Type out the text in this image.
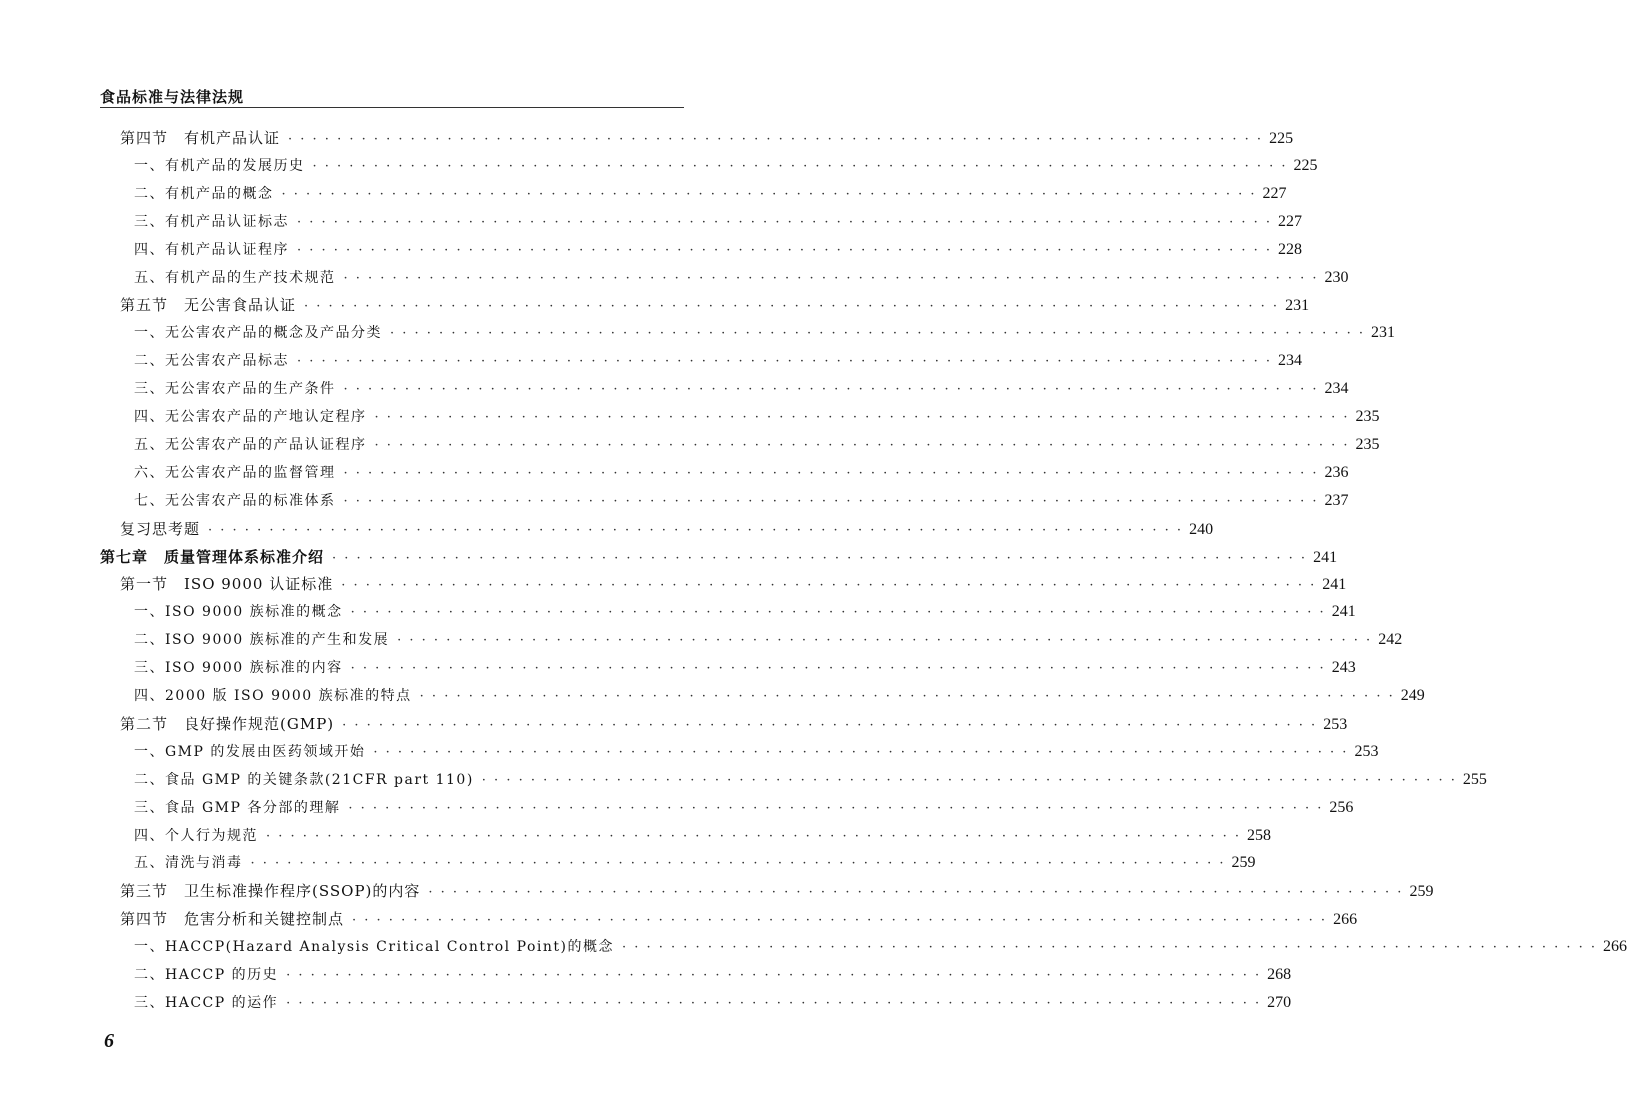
食品标准与法律法规
第四节　有机产品认证 · · · · · · · · · · · · · · · · · · · · · · · · · · · · · · · · · · · · · · · · · · · · · · · · · · · · · · · · · · · · · · · · · · · · · · · · · · · · · · · · 225
一、有机产品的发展历史 · · · · · · · · · · · · · · · · · · · · · · · · · · · · · · · · · · · · · · · · · · · · · · · · · · · · · · · · · · · · · · · · · · · · · · · · · · · · · · · · 225
二、有机产品的概念 · · · · · · · · · · · · · · · · · · · · · · · · · · · · · · · · · · · · · · · · · · · · · · · · · · · · · · · · · · · · · · · · · · · · · · · · · · · · · · · · 227
三、有机产品认证标志 · · · · · · · · · · · · · · · · · · · · · · · · · · · · · · · · · · · · · · · · · · · · · · · · · · · · · · · · · · · · · · · · · · · · · · · · · · · · · · · · 227
四、有机产品认证程序 · · · · · · · · · · · · · · · · · · · · · · · · · · · · · · · · · · · · · · · · · · · · · · · · · · · · · · · · · · · · · · · · · · · · · · · · · · · · · · · · 228
五、有机产品的生产技术规范 · · · · · · · · · · · · · · · · · · · · · · · · · · · · · · · · · · · · · · · · · · · · · · · · · · · · · · · · · · · · · · · · · · · · · · · · · · · · · · · · 230
第五节　无公害食品认证 · · · · · · · · · · · · · · · · · · · · · · · · · · · · · · · · · · · · · · · · · · · · · · · · · · · · · · · · · · · · · · · · · · · · · · · · · · · · · · · · 231
一、无公害农产品的概念及产品分类 · · · · · · · · · · · · · · · · · · · · · · · · · · · · · · · · · · · · · · · · · · · · · · · · · · · · · · · · · · · · · · · · · · · · · · · · · · · · · · · · 231
二、无公害农产品标志 · · · · · · · · · · · · · · · · · · · · · · · · · · · · · · · · · · · · · · · · · · · · · · · · · · · · · · · · · · · · · · · · · · · · · · · · · · · · · · · · 234
三、无公害农产品的生产条件 · · · · · · · · · · · · · · · · · · · · · · · · · · · · · · · · · · · · · · · · · · · · · · · · · · · · · · · · · · · · · · · · · · · · · · · · · · · · · · · · 234
四、无公害农产品的产地认定程序 · · · · · · · · · · · · · · · · · · · · · · · · · · · · · · · · · · · · · · · · · · · · · · · · · · · · · · · · · · · · · · · · · · · · · · · · · · · · · · · · 235
五、无公害农产品的产品认证程序 · · · · · · · · · · · · · · · · · · · · · · · · · · · · · · · · · · · · · · · · · · · · · · · · · · · · · · · · · · · · · · · · · · · · · · · · · · · · · · · · 235
六、无公害农产品的监督管理 · · · · · · · · · · · · · · · · · · · · · · · · · · · · · · · · · · · · · · · · · · · · · · · · · · · · · · · · · · · · · · · · · · · · · · · · · · · · · · · · 236
七、无公害农产品的标准体系 · · · · · · · · · · · · · · · · · · · · · · · · · · · · · · · · · · · · · · · · · · · · · · · · · · · · · · · · · · · · · · · · · · · · · · · · · · · · · · · · 237
复习思考题 · · · · · · · · · · · · · · · · · · · · · · · · · · · · · · · · · · · · · · · · · · · · · · · · · · · · · · · · · · · · · · · · · · · · · · · · · · · · · · · · 240
第七章　质量管理体系标准介绍 · · · · · · · · · · · · · · · · · · · · · · · · · · · · · · · · · · · · · · · · · · · · · · · · · · · · · · · · · · · · · · · · · · · · · · · · · · · · · · · · 241
第一节　ISO 9000 认证标准 · · · · · · · · · · · · · · · · · · · · · · · · · · · · · · · · · · · · · · · · · · · · · · · · · · · · · · · · · · · · · · · · · · · · · · · · · · · · · · · · 241
一、ISO 9000 族标准的概念 · · · · · · · · · · · · · · · · · · · · · · · · · · · · · · · · · · · · · · · · · · · · · · · · · · · · · · · · · · · · · · · · · · · · · · · · · · · · · · · · 241
二、ISO 9000 族标准的产生和发展 · · · · · · · · · · · · · · · · · · · · · · · · · · · · · · · · · · · · · · · · · · · · · · · · · · · · · · · · · · · · · · · · · · · · · · · · · · · · · · · · 242
三、ISO 9000 族标准的内容 · · · · · · · · · · · · · · · · · · · · · · · · · · · · · · · · · · · · · · · · · · · · · · · · · · · · · · · · · · · · · · · · · · · · · · · · · · · · · · · · 243
四、2000 版 ISO 9000 族标准的特点 · · · · · · · · · · · · · · · · · · · · · · · · · · · · · · · · · · · · · · · · · · · · · · · · · · · · · · · · · · · · · · · · · · · · · · · · · · · · · · · · 249
第二节　良好操作规范(GMP) · · · · · · · · · · · · · · · · · · · · · · · · · · · · · · · · · · · · · · · · · · · · · · · · · · · · · · · · · · · · · · · · · · · · · · · · · · · · · · · · 253
一、GMP 的发展由医药领域开始 · · · · · · · · · · · · · · · · · · · · · · · · · · · · · · · · · · · · · · · · · · · · · · · · · · · · · · · · · · · · · · · · · · · · · · · · · · · · · · · · 253
二、食品 GMP 的关键条款(21CFR part 110) · · · · · · · · · · · · · · · · · · · · · · · · · · · · · · · · · · · · · · · · · · · · · · · · · · · · · · · · · · · · · · · · · · · · · · · · · · · · · · · · 255
三、食品 GMP 各分部的理解 · · · · · · · · · · · · · · · · · · · · · · · · · · · · · · · · · · · · · · · · · · · · · · · · · · · · · · · · · · · · · · · · · · · · · · · · · · · · · · · · 256
四、个人行为规范 · · · · · · · · · · · · · · · · · · · · · · · · · · · · · · · · · · · · · · · · · · · · · · · · · · · · · · · · · · · · · · · · · · · · · · · · · · · · · · · · 258
五、清洗与消毒 · · · · · · · · · · · · · · · · · · · · · · · · · · · · · · · · · · · · · · · · · · · · · · · · · · · · · · · · · · · · · · · · · · · · · · · · · · · · · · · · 259
第三节　卫生标准操作程序(SSOP)的内容 · · · · · · · · · · · · · · · · · · · · · · · · · · · · · · · · · · · · · · · · · · · · · · · · · · · · · · · · · · · · · · · · · · · · · · · · · · · · · · · · 259
第四节　危害分析和关键控制点 · · · · · · · · · · · · · · · · · · · · · · · · · · · · · · · · · · · · · · · · · · · · · · · · · · · · · · · · · · · · · · · · · · · · · · · · · · · · · · · · 266
一、HACCP(Hazard Analysis Critical Control Point)的概念 · · · · · · · · · · · · · · · · · · · · · · · · · · · · · · · · · · · · · · · · · · · · · · · · · · · · · · · · · · · · · · · · · · · · · · · · · · · · · · · · 266
二、HACCP 的历史 · · · · · · · · · · · · · · · · · · · · · · · · · · · · · · · · · · · · · · · · · · · · · · · · · · · · · · · · · · · · · · · · · · · · · · · · · · · · · · · · 268
三、HACCP 的运作 · · · · · · · · · · · · · · · · · · · · · · · · · · · · · · · · · · · · · · · · · · · · · · · · · · · · · · · · · · · · · · · · · · · · · · · · · · · · · · · · 270
6
